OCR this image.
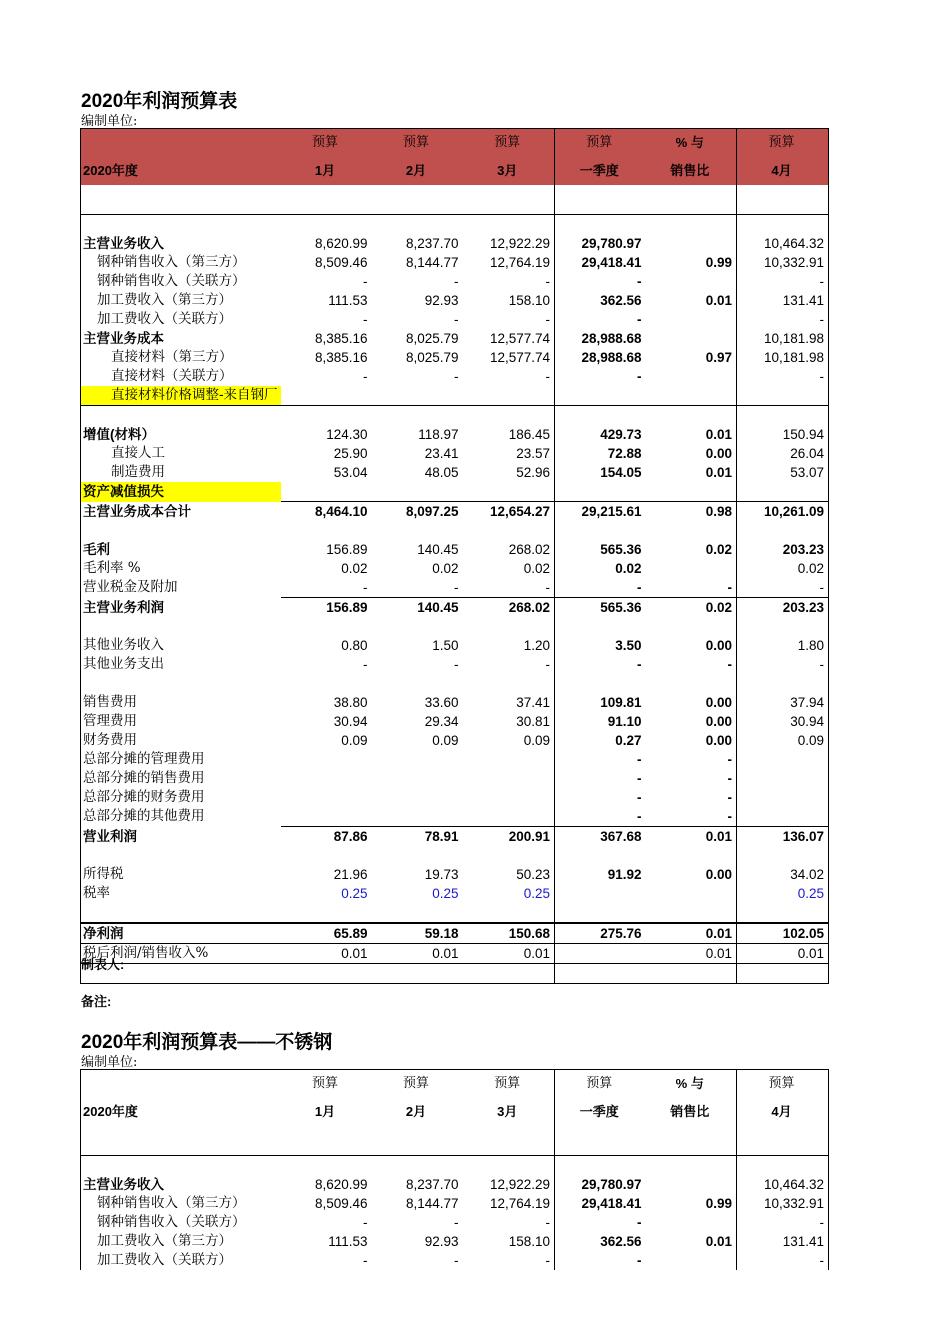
2020年利润预算表
编制单位:
	预算	预算	预算	预算	% 与	预算
2020年度	1月	2月	3月	一季度	销售比	4月

主营业务收入	8,620.99	8,237.70	12,922.29	29,780.97		10,464.32
钢种销售收入（第三方）	8,509.46	8,144.77	12,764.19	29,418.41	0.99	10,332.91
钢种销售收入（关联方）	-	-	-	-		-
加工费收入（第三方）	111.53	92.93	158.10	362.56	0.01	131.41
加工费收入（关联方）	-	-	-	-		-
主营业务成本	8,385.16	8,025.79	12,577.74	28,988.68		10,181.98
直接材料（第三方）	8,385.16	8,025.79	12,577.74	28,988.68	0.97	10,181.98
直接材料（关联方）	-	-	-	-		-
直接材料价格调整-来自钢厂						

增值(材料）	124.30	118.97	186.45	429.73	0.01	150.94
直接人工	25.90	23.41	23.57	72.88	0.00	26.04
制造费用	53.04	48.05	52.96	154.05	0.01	53.07
资产减值损失						
主营业务成本合计	8,464.10	8,097.25	12,654.27	29,215.61	0.98	10,261.09

毛利	156.89	140.45	268.02	565.36	0.02	203.23
毛利率 %	0.02	0.02	0.02	0.02		0.02
营业税金及附加	-	-	-	-	-	-
主营业务利润	156.89	140.45	268.02	565.36	0.02	203.23

其他业务收入	0.80	1.50	1.20	3.50	0.00	1.80
其他业务支出	-	-	-	-	-	-

销售费用	38.80	33.60	37.41	109.81	0.00	37.94
管理费用	30.94	29.34	30.81	91.10	0.00	30.94
财务费用	0.09	0.09	0.09	0.27	0.00	0.09
总部分摊的管理费用				-	-	
总部分摊的销售费用				-	-	
总部分摊的财务费用				-	-	
总部分摊的其他费用				-	-	
营业利润	87.86	78.91	200.91	367.68	0.01	136.07

所得税	21.96	19.73	50.23	91.92	0.00	34.02
税率	0.25	0.25	0.25			0.25

净利润	65.89	59.18	150.68	275.76	0.01	102.05
税后利润/销售收入%	0.01	0.01	0.01		0.01	0.01

制表人:
备注:
2020年利润预算表——不锈钢
编制单位:
	预算	预算	预算	预算	% 与	预算
2020年度	1月	2月	3月	一季度	销售比	4月

主营业务收入	8,620.99	8,237.70	12,922.29	29,780.97		10,464.32
钢种销售收入（第三方）	8,509.46	8,144.77	12,764.19	29,418.41	0.99	10,332.91
钢种销售收入（关联方）	-	-	-	-		-
加工费收入（第三方）	111.53	92.93	158.10	362.56	0.01	131.41
加工费收入（关联方）	-	-	-	-		-
